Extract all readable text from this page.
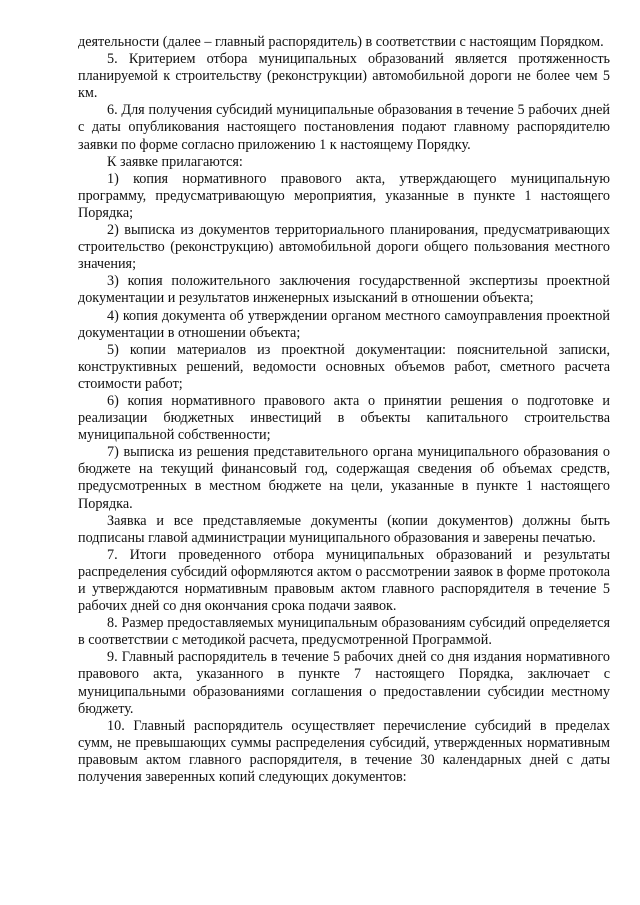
деятельности (далее – главный распорядитель) в соответствии с настоящим Порядком.

5. Критерием отбора муниципальных образований является протяженность планируемой к строительству (реконструкции) автомобильной дороги не более чем 5 км.

6. Для получения субсидий муниципальные образования в течение 5 рабочих дней с даты опубликования настоящего постановления подают главному распорядителю заявки по форме согласно приложению 1 к настоящему Порядку.

К заявке прилагаются:

1) копия нормативного правового акта, утверждающего муниципальную программу, предусматривающую мероприятия, указанные в пункте 1 настоящего Порядка;

2) выписка из документов территориального планирования, предусматривающих строительство (реконструкцию) автомобильной дороги общего пользования местного значения;

3) копия положительного заключения государственной экспертизы проектной документации и результатов инженерных изысканий в отношении объекта;

4) копия документа об утверждении органом местного самоуправления проектной документации в отношении объекта;

5) копии материалов из проектной документации: пояснительной записки, конструктивных решений, ведомости основных объемов работ, сметного расчета стоимости работ;

6) копия нормативного правового акта о принятии решения о подготовке и реализации бюджетных инвестиций в объекты капитального строительства муниципальной собственности;

7) выписка из решения представительного органа муниципального образования о бюджете на текущий финансовый год, содержащая сведения об объемах средств, предусмотренных в местном бюджете на цели, указанные в пункте 1 настоящего Порядка.

Заявка и все представляемые документы (копии документов) должны быть подписаны главой администрации муниципального образования и заверены печатью.

7. Итоги проведенного отбора муниципальных образований и результаты распределения субсидий оформляются актом о рассмотрении заявок в форме протокола и утверждаются нормативным правовым актом главного распорядителя в течение 5 рабочих дней со дня окончания срока подачи заявок.

8. Размер предоставляемых муниципальным образованиям субсидий определяется в соответствии с методикой расчета, предусмотренной Программой.

9. Главный распорядитель в течение 5 рабочих дней со дня издания нормативного правового акта, указанного в пункте 7 настоящего Порядка, заключает с муниципальными образованиями соглашения о предоставлении субсидии местному бюджету.

10. Главный распорядитель осуществляет перечисление субсидий в пределах сумм, не превышающих суммы распределения субсидий, утвержденных нормативным правовым актом главного распорядителя, в течение 30 календарных дней с даты получения заверенных копий следующих документов:
